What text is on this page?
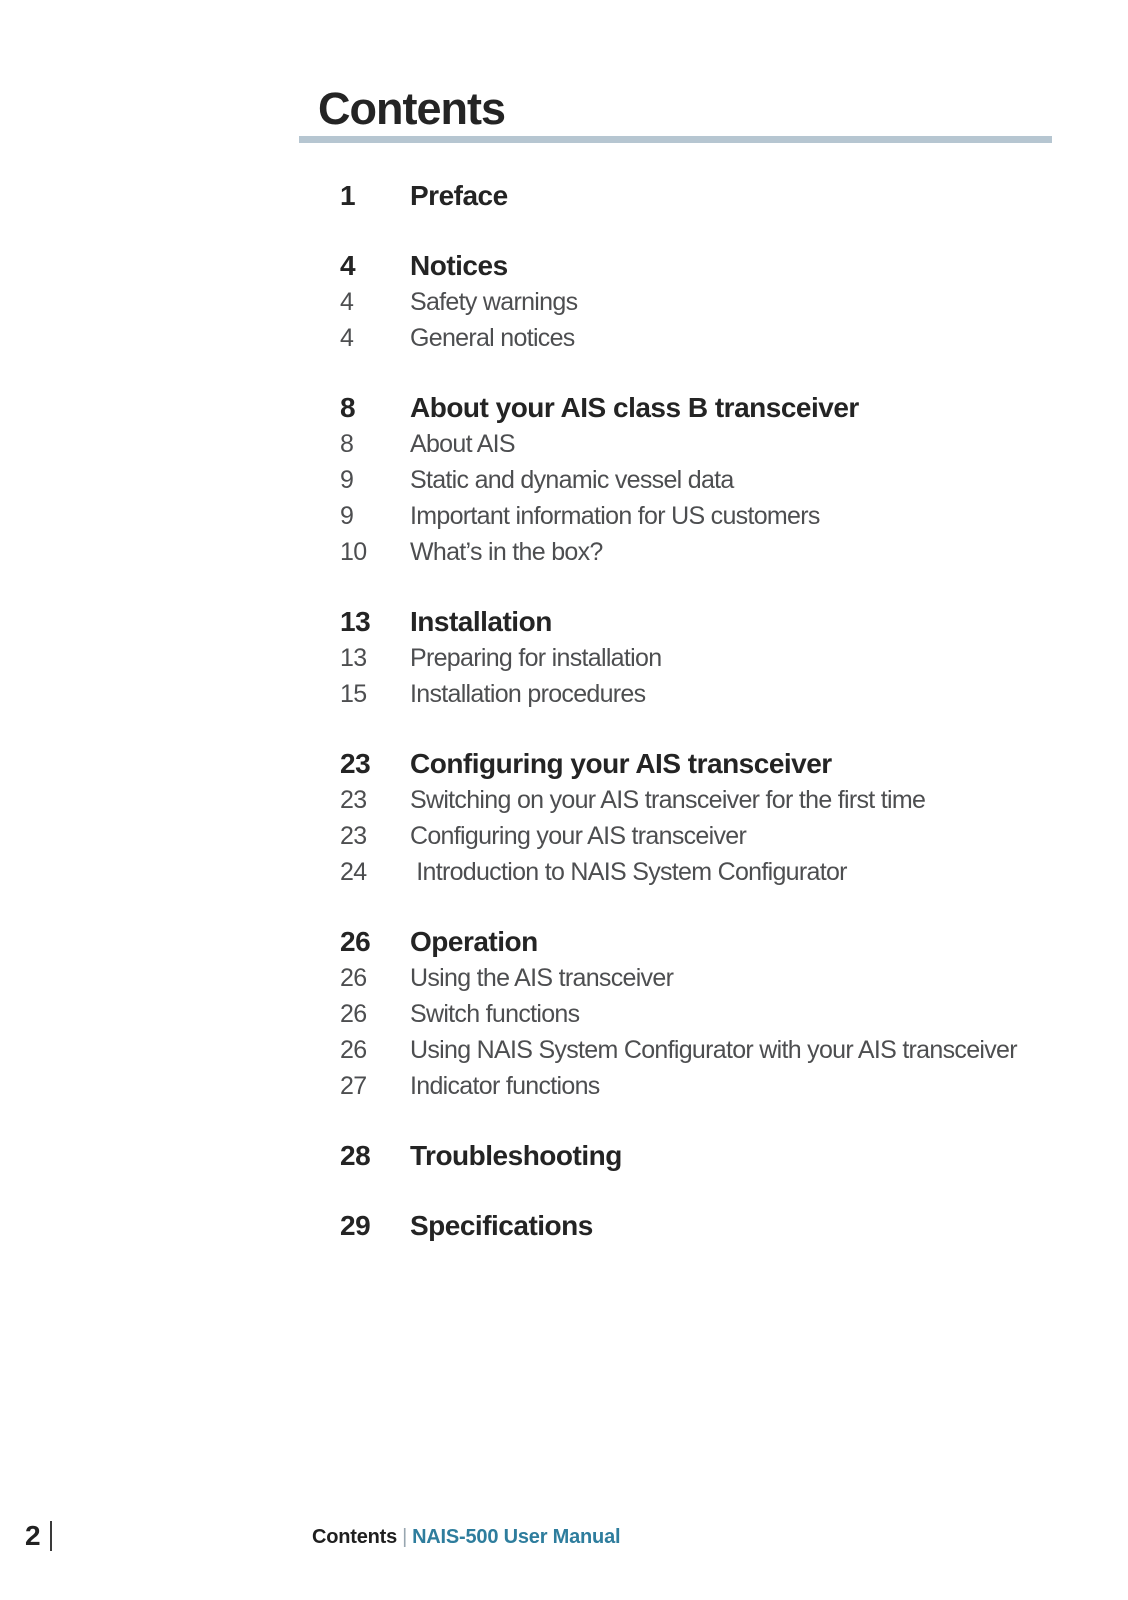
Contents
1	Preface
4	Notices
4	Safety warnings
4	General notices
8	About your AIS class B transceiver
8	About AIS
9	Static and dynamic vessel data
9	Important information for US customers
10	What’s in the box?
13	Installation
13	Preparing for installation
15	Installation procedures
23	Configuring your AIS transceiver
23	Switching on your AIS transceiver for the first time
23	Configuring your AIS transceiver
24	Introduction to NAIS System Configurator
26	Operation
26	Using the AIS transceiver
26	Switch functions
26	Using NAIS System Configurator with your AIS transceiver
27	Indicator functions
28	Troubleshooting
29	Specifications
2	Contents | NAIS-500 User Manual
